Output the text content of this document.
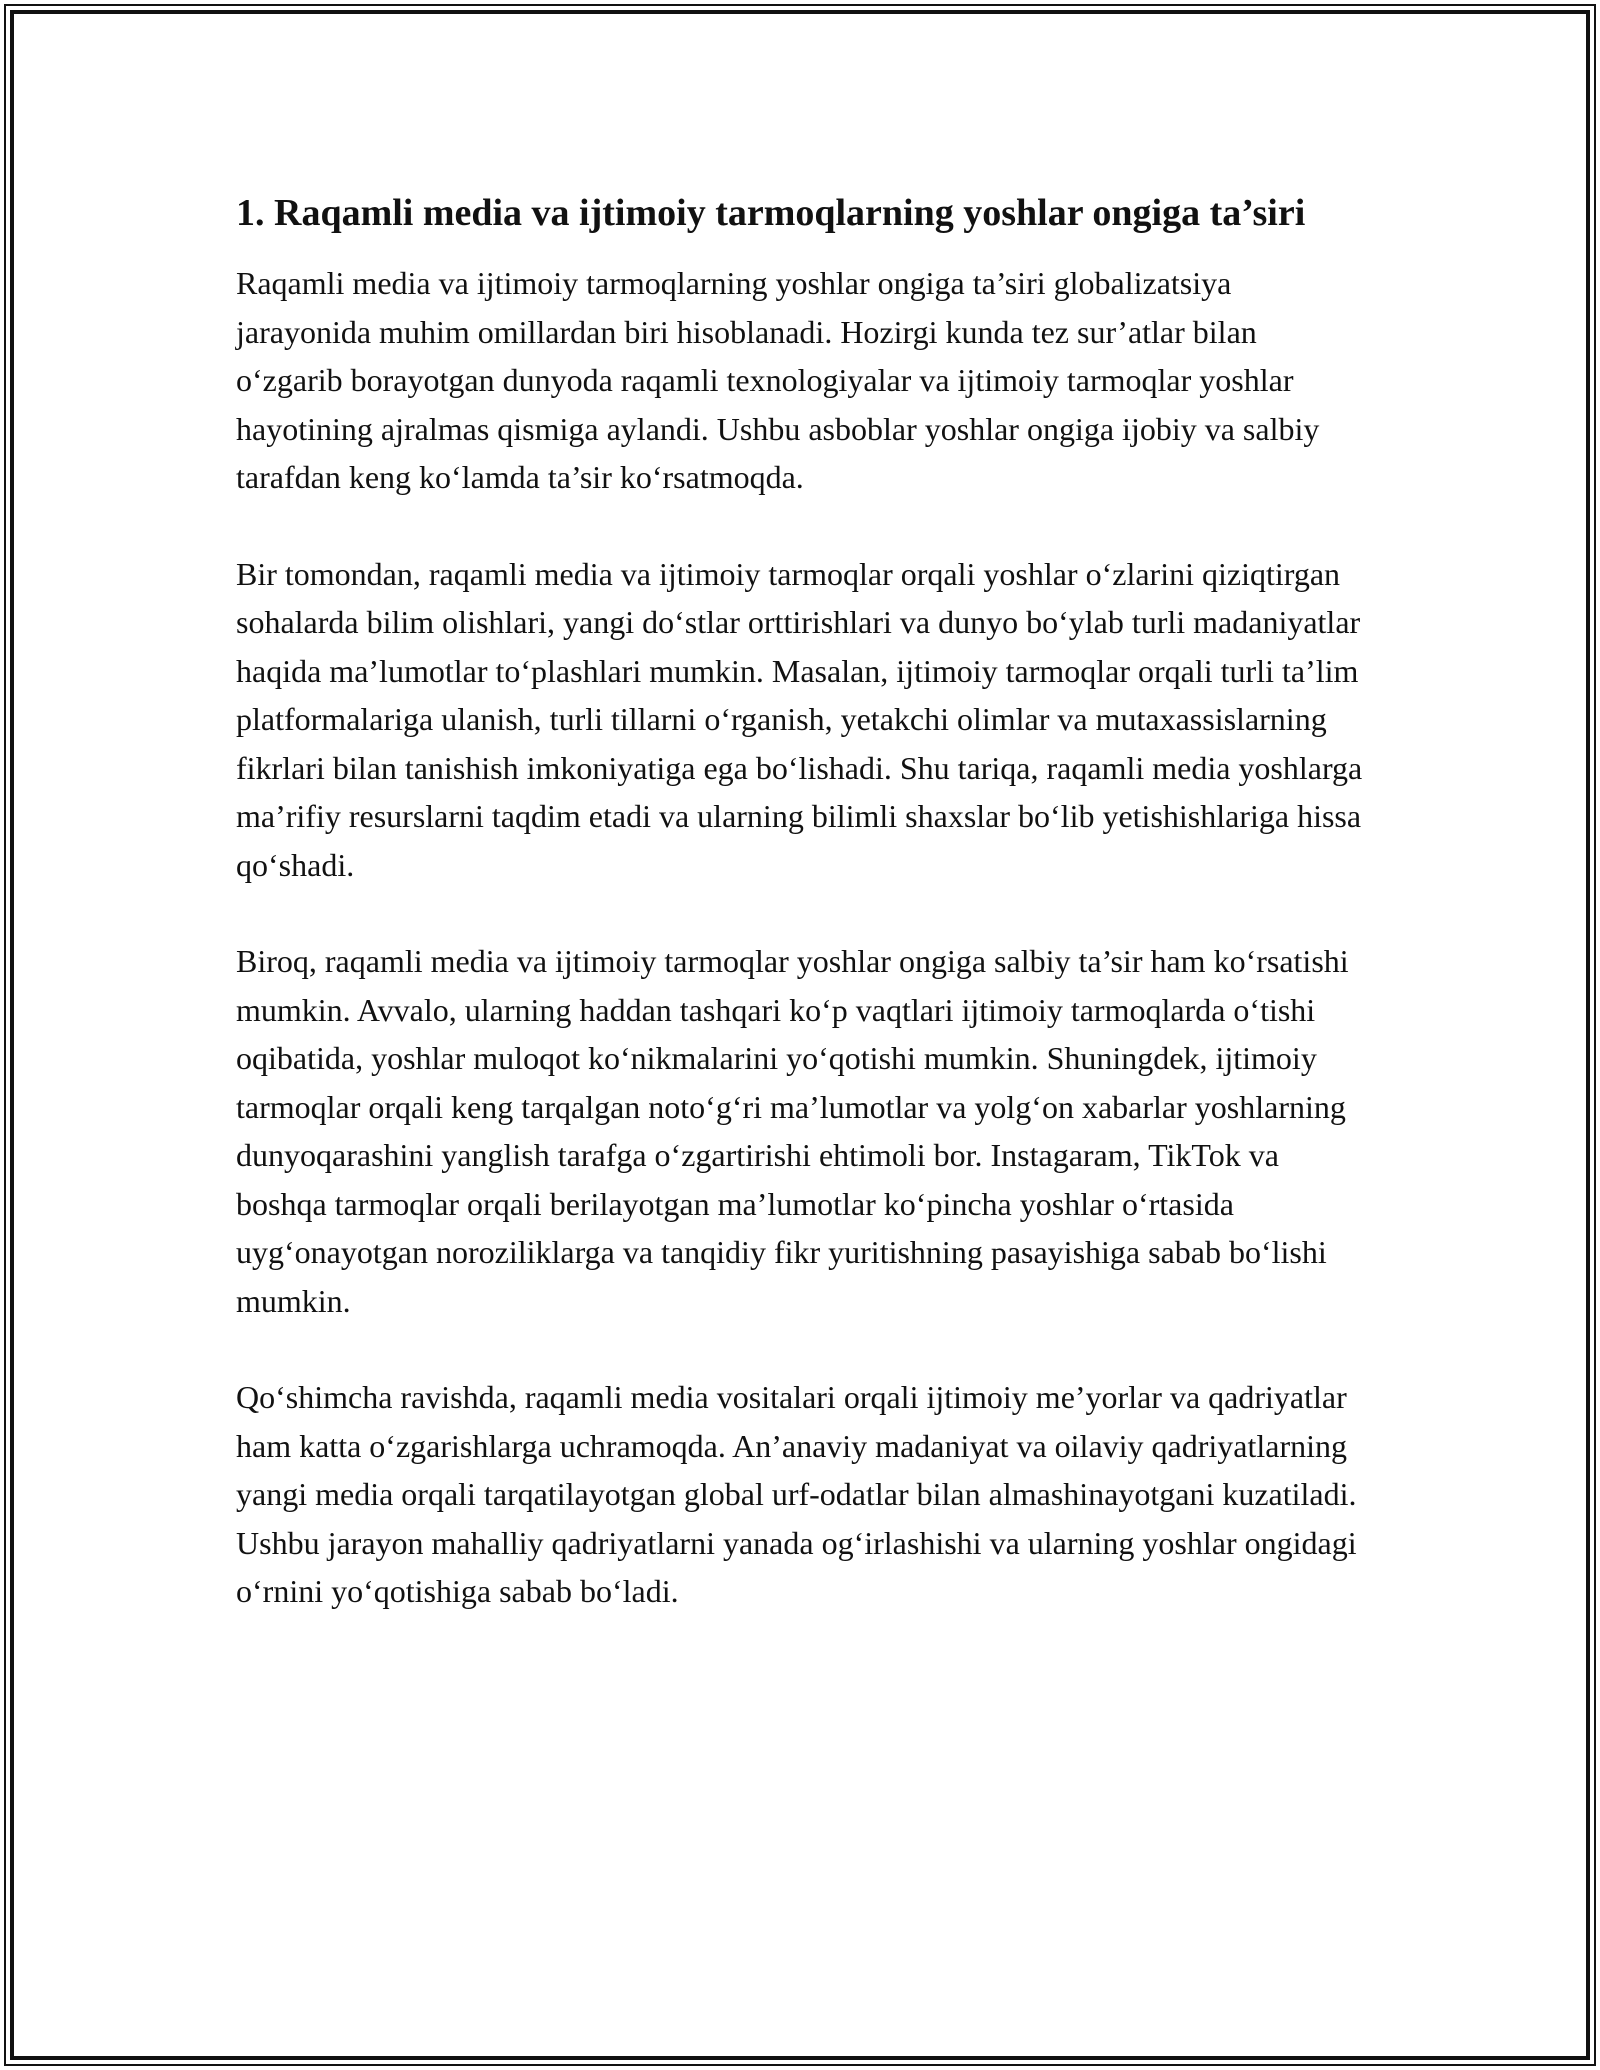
1. Raqamli media va ijtimoiy tarmoqlarning yoshlar ongiga ta’siri

Raqamli media va ijtimoiy tarmoqlarning yoshlar ongiga ta’siri globalizatsiya jarayonida muhim omillardan biri hisoblanadi. Hozirgi kunda tez sur’atlar bilan o‘zgarib borayotgan dunyoda raqamli texnologiyalar va ijtimoiy tarmoqlar yoshlar hayotining ajralmas qismiga aylandi. Ushbu asboblar yoshlar ongiga ijobiy va salbiy tarafdan keng ko‘lamda ta’sir ko‘rsatmoqda.

Bir tomondan, raqamli media va ijtimoiy tarmoqlar orqali yoshlar o‘zlarini qiziqtirgan sohalarda bilim olishlari, yangi do‘stlar orttirishlari va dunyo bo‘ylab turli madaniyatlar haqida ma’lumotlar to‘plashlari mumkin. Masalan, ijtimoiy tarmoqlar orqali turli ta’lim platformalariga ulanish, turli tillarni o‘rganish, yetakchi olimlar va mutaxassislarning fikrlari bilan tanishish imkoniyatiga ega bo‘lishadi. Shu tariqa, raqamli media yoshlarga ma’rifiy resurslarni taqdim etadi va ularning bilimli shaxslar bo‘lib yetishishlariga hissa qo‘shadi.

Biroq, raqamli media va ijtimoiy tarmoqlar yoshlar ongiga salbiy ta’sir ham ko‘rsatishi mumkin. Avvalo, ularning haddan tashqari ko‘p vaqtlari ijtimoiy tarmoqlarda o‘tishi oqibatida, yoshlar muloqot ko‘nikmalarini yo‘qotishi mumkin. Shuningdek, ijtimoiy tarmoqlar orqali keng tarqalgan noto‘g‘ri ma’lumotlar va yolg‘on xabarlar yoshlarning dunyoqarashini yanglish tarafga o‘zgartirishi ehtimoli bor. Instagaram, TikTok va boshqa tarmoqlar orqali berilayotgan ma’lumotlar ko‘pincha yoshlar o‘rtasida uyg‘onayotgan noroziliklarga va tanqidiy fikr yuritishning pasayishiga sabab bo‘lishi mumkin.

Qo‘shimcha ravishda, raqamli media vositalari orqali ijtimoiy me’yorlar va qadriyatlar ham katta o‘zgarishlarga uchramoqda. An’anaviy madaniyat va oilaviy qadriyatlarning yangi media orqali tarqatilayotgan global urf-odatlar bilan almashinayotgani kuzatiladi. Ushbu jarayon mahalliy qadriyatlarni yanada og‘irlashishi va ularning yoshlar ongidagi o‘rnini yo‘qotishiga sabab bo‘ladi.
